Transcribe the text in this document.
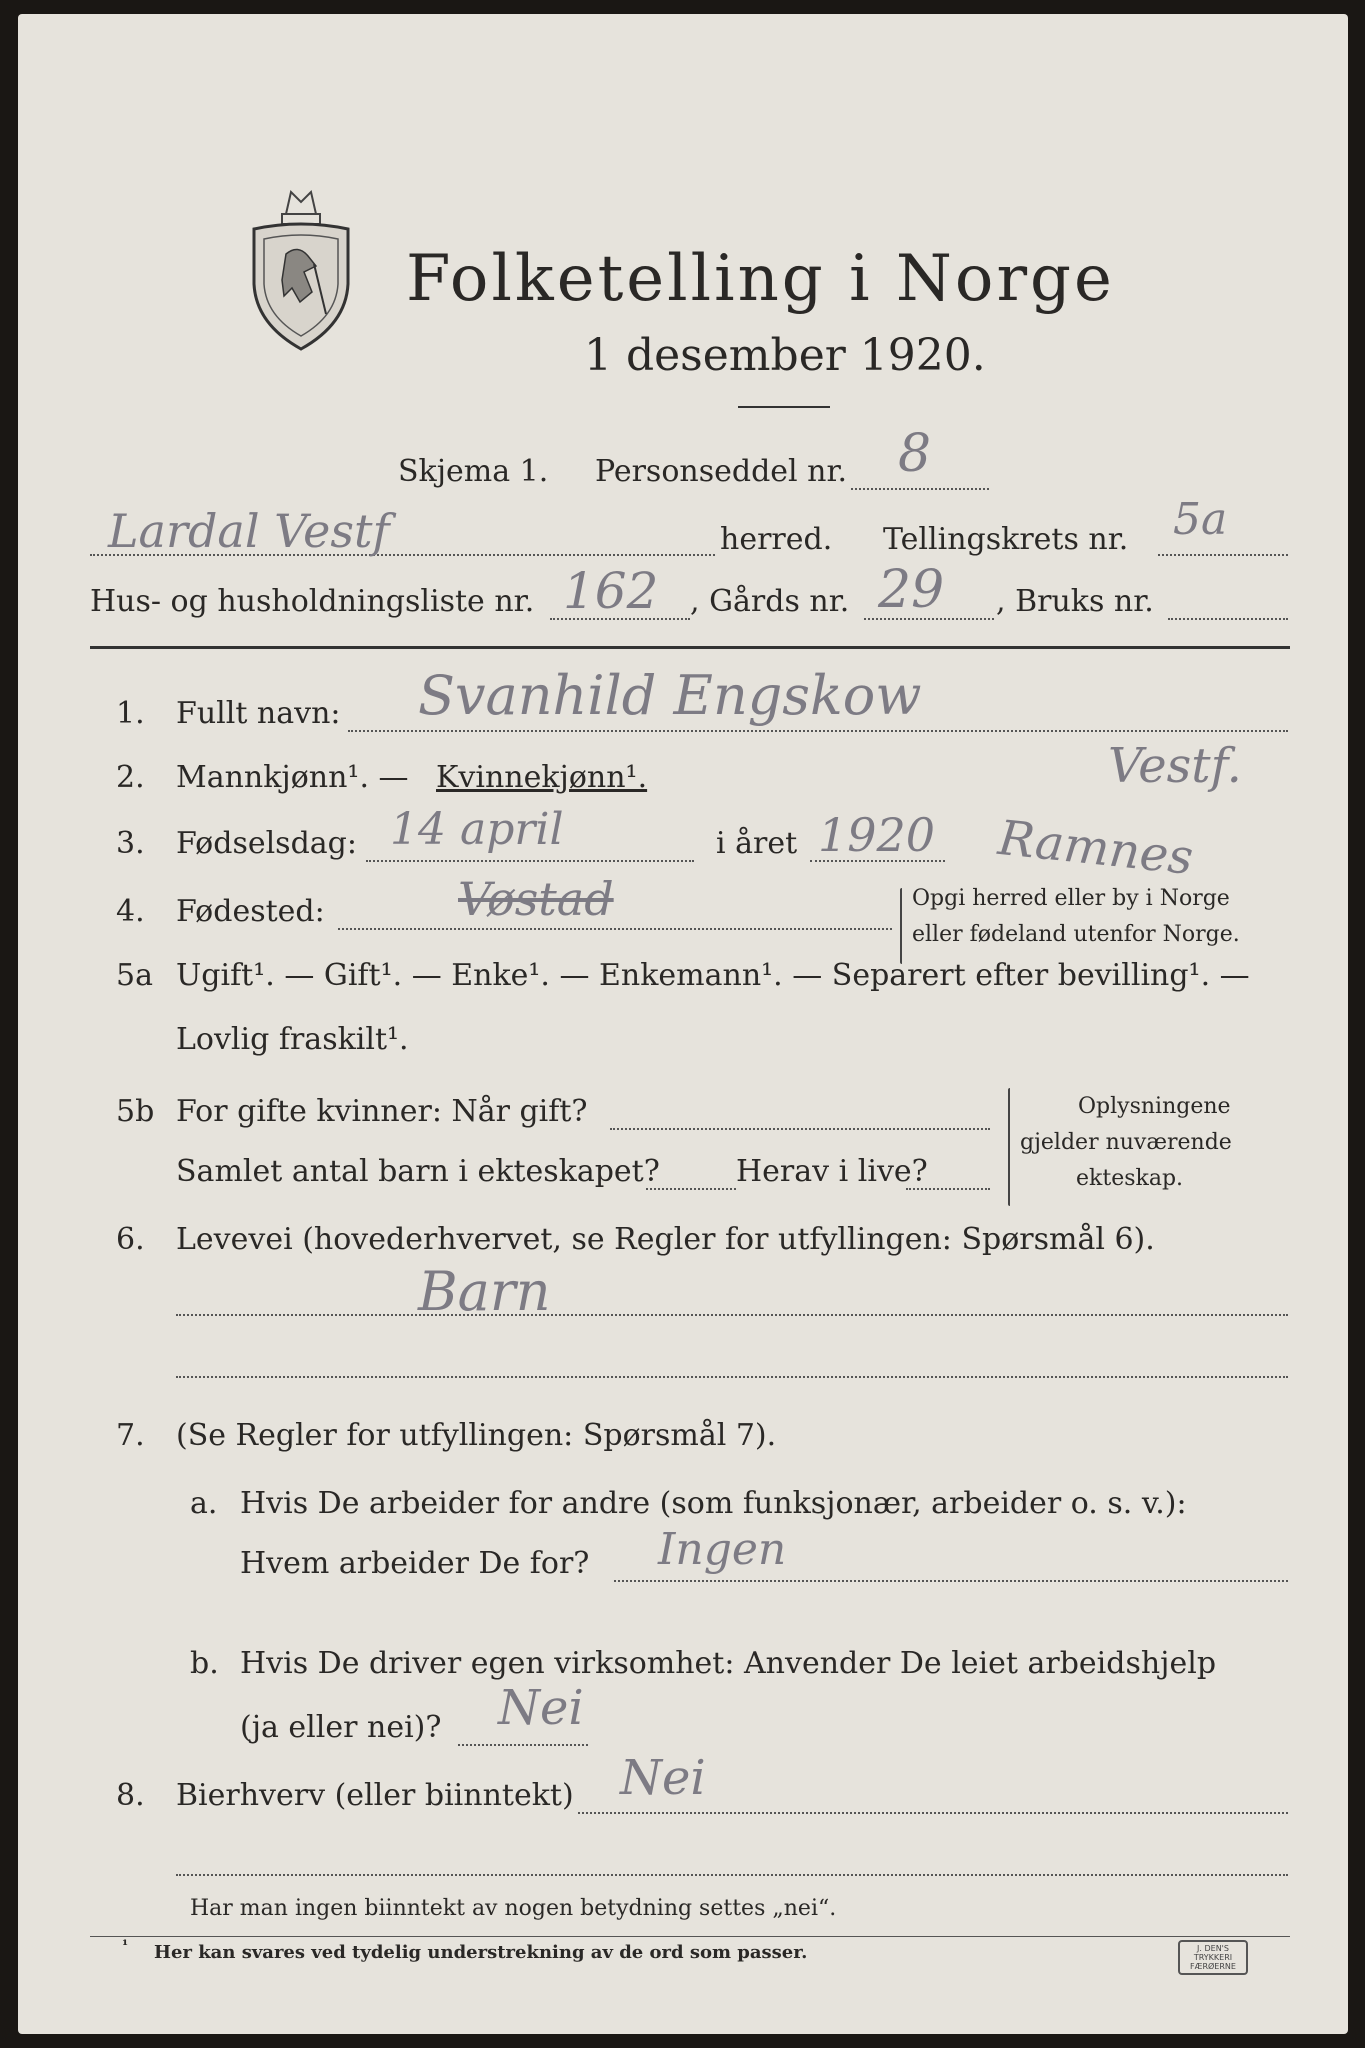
Folketelling i Norge
1 desember 1920.
Skjema 1. Personseddel nr. 8
Lardal Vestf	herred. Tellingskrets nr. 5a
Hus- og husholdningsliste nr. 162 , Gårds nr. 29 , Bruks nr.
1. Fullt navn: Svanhild Engskow
2. Mannkjønn¹. — Kvinnekjønn¹.	Vestf.
3. Fødselsdag: 14 april	i året 1920 Ramnes
4. Fødested:	Vøstad	Opgi herred eller by i Norge
eller fødeland utenfor Norge.
5a Ugift¹. — Gift¹. — Enke¹. — Enkemann¹. — Separert efter bevilling¹. —
Lovlig fraskilt¹.
5b For gifte kvinner: Når gift?
Samlet antal barn i ekteskapet?	Herav i live?
Oplysningene
gjelder nuværende
ekteskap.
6. Levevei (hovederhvervet, se Regler for utfyllingen: Spørsmål 6).
Barn
7. (Se Regler for utfyllingen: Spørsmål 7).
a. Hvis De arbeider for andre (som funksjonær, arbeider o. s. v.):
Hvem arbeider De for? Ingen
b. Hvis De driver egen virksomhet: Anvender De leiet arbeidshjelp
(ja eller nei)? Nei
8. Bierhverv (eller biinntekt) Nei
Har man ingen biinntekt av nogen betydning settes „nei“.
¹ Her kan svares ved tydelig understrekning av de ord som passer.	J. DEN'S TRYKKERI FÆRØERNE
